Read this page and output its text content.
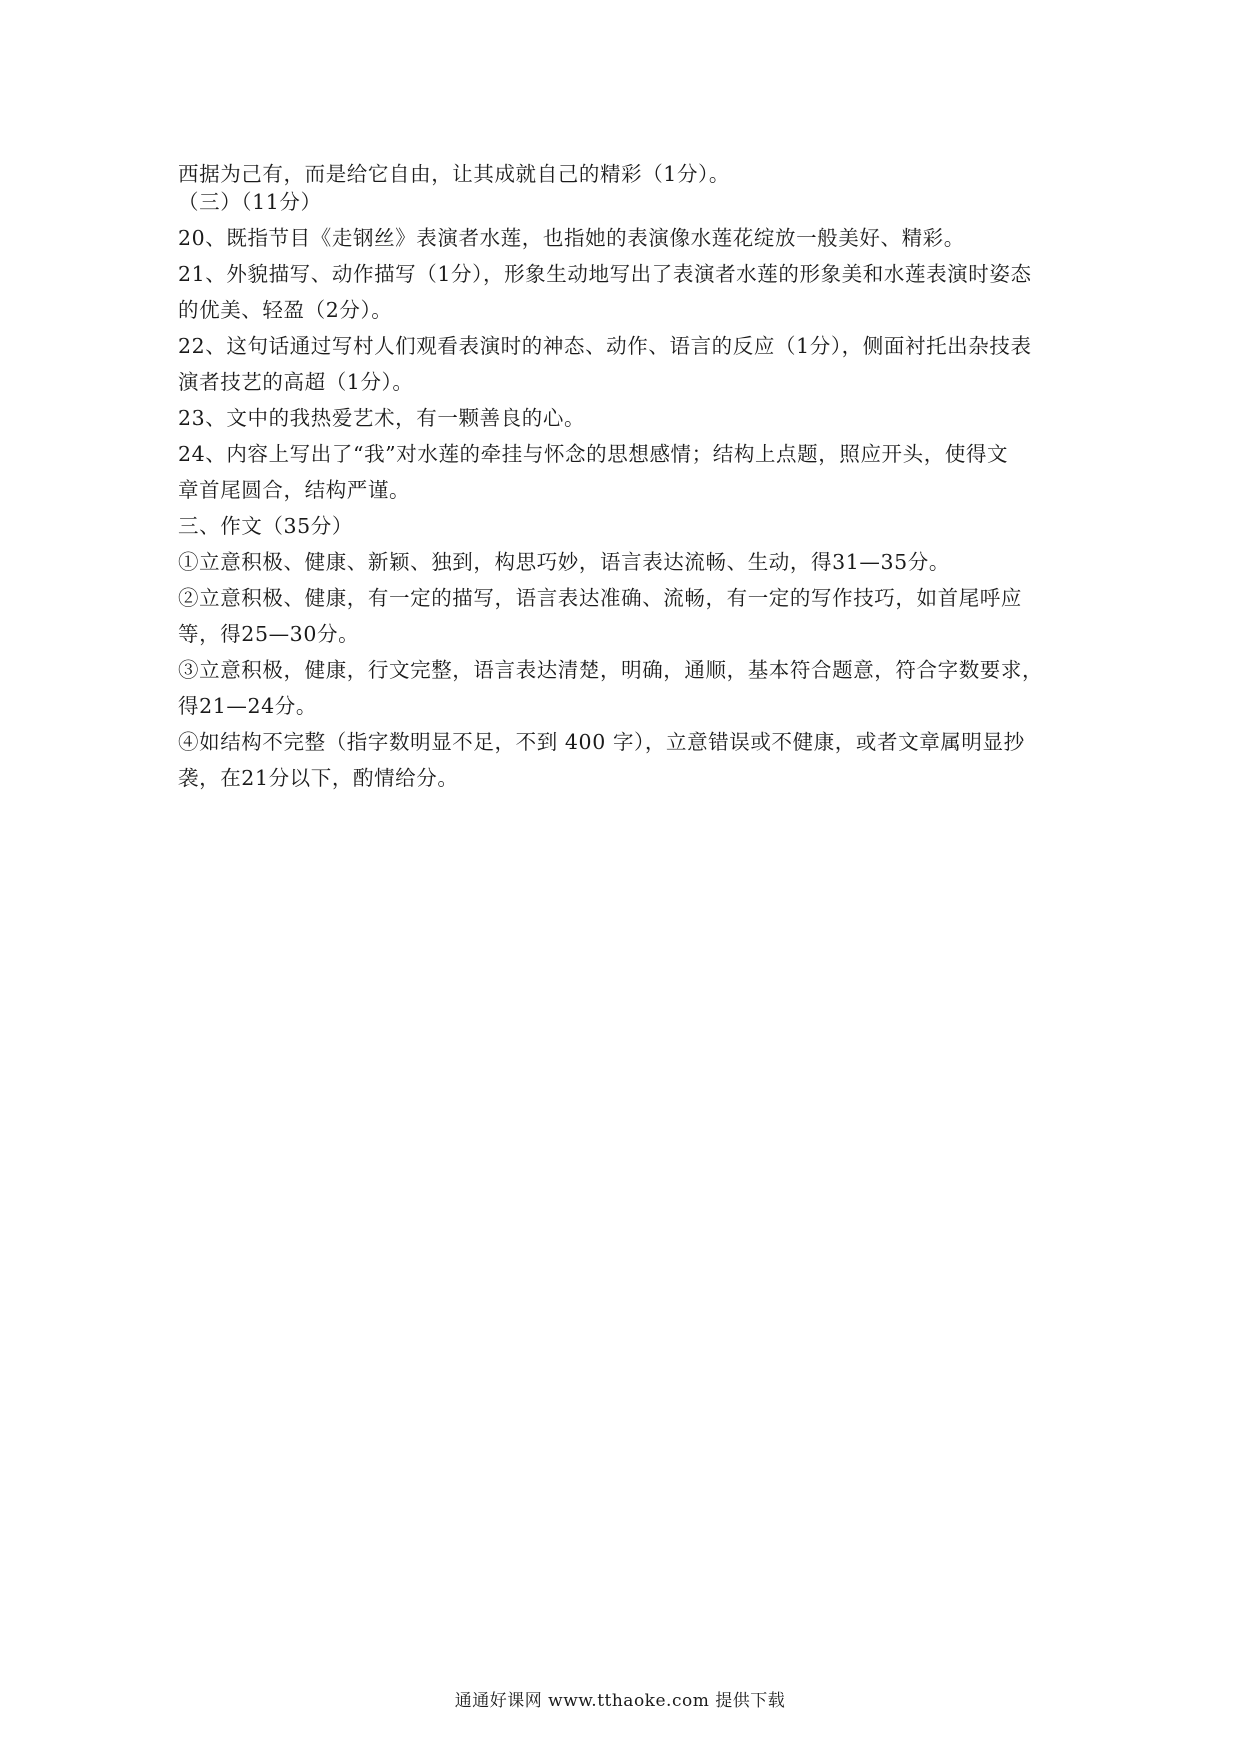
西据为己有，而是给它自由，让其成就自己的精彩（1分）。
（三）（11分）
20、既指节目《走钢丝》表演者水莲，也指她的表演像水莲花绽放一般美好、精彩。
21、外貌描写、动作描写（1分），形象生动地写出了表演者水莲的形象美和水莲表演时姿态
的优美、轻盈（2分）。
22、这句话通过写村人们观看表演时的神态、动作、语言的反应（1分），侧面衬托出杂技表
演者技艺的高超（1分）。
23、文中的我热爱艺术，有一颗善良的心。
24、内容上写出了“我”对水莲的牵挂与怀念的思想感情；结构上点题，照应开头，使得文
章首尾圆合，结构严谨。
三、作文（35分）
①立意积极、健康、新颖、独到，构思巧妙，语言表达流畅、生动，得31—35分。
②立意积极、健康，有一定的描写，语言表达准确、流畅，有一定的写作技巧，如首尾呼应
等，得25—30分。
③立意积极，健康，行文完整，语言表达清楚，明确，通顺，基本符合题意，符合字数要求，
得21—24分。
④如结构不完整（指字数明显不足，不到 400 字），立意错误或不健康，或者文章属明显抄
袭，在21分以下，酌情给分。
通通好课网 www.tthaoke.com 提供下载
